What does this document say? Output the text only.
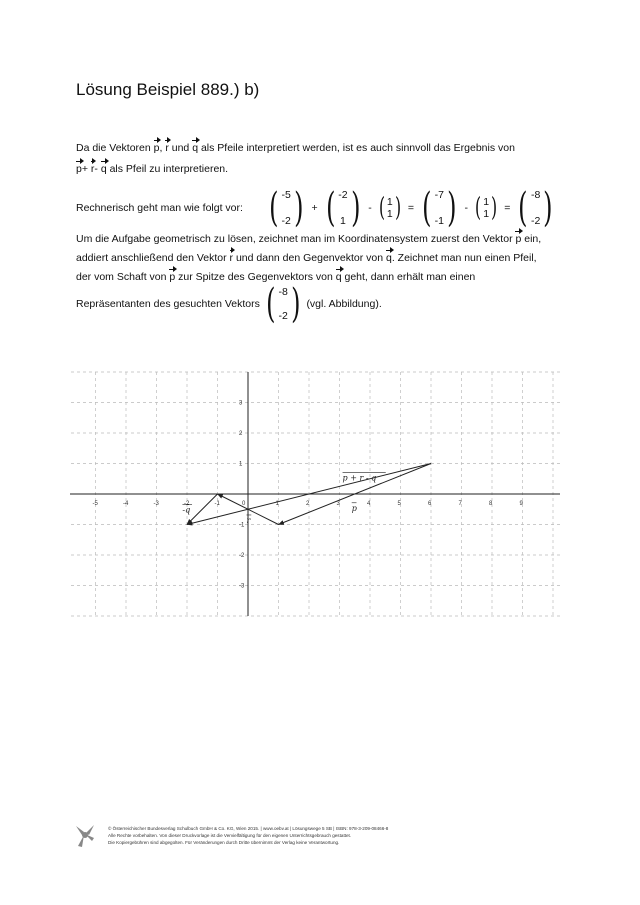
Lösung Beispiel 889.) b)
Da die Vektoren p, r und q als Pfeile interpretiert werden, ist es auch sinnvoll das Ergebnis von
p+ r- q als Pfeil zu interpretieren.
Rechnerisch geht man wie folgt vor: ( -5
-2 ) + ( -2
1 ) - ( 1
1 ) = ( -7
-1 ) - ( 1
1 ) = ( -8
-2 )
Um die Aufgabe geometrisch zu lösen, zeichnet man im Koordinatensystem zuerst den Vektor p ein,
addiert anschließend den Vektor r und dann den Gegenvektor von q. Zeichnet man nun einen Pfeil,
der vom Schaft von p zur Spitze des Gegenvektors von q geht, dann erhält man einen
Repräsentanten des gesuchten Vektors ( -8
-2 ) (vgl. Abbildung).
-5	-4	-3	-2	-1	0	1	2	3	4	5	6	7	8	9
3
2
1
-1
-2
-3
p + r - q
p
r
-q
© Österreichischer Bundesverlag Schulbuch GmbH & Co. KG, Wien 2015. | www.oebv.at | Lösungswege 5 SB | ISBN: 978-3-209-08466-8
Alle Rechte vorbehalten. Von dieser Druckvorlage ist die Vervielfältigung für den eigenen Unterrichtsgebrauch gestattet.
Die Kopiergebühren sind abgegolten. Für Veränderungen durch Dritte übernimmt der Verlag keine Verantwortung.
